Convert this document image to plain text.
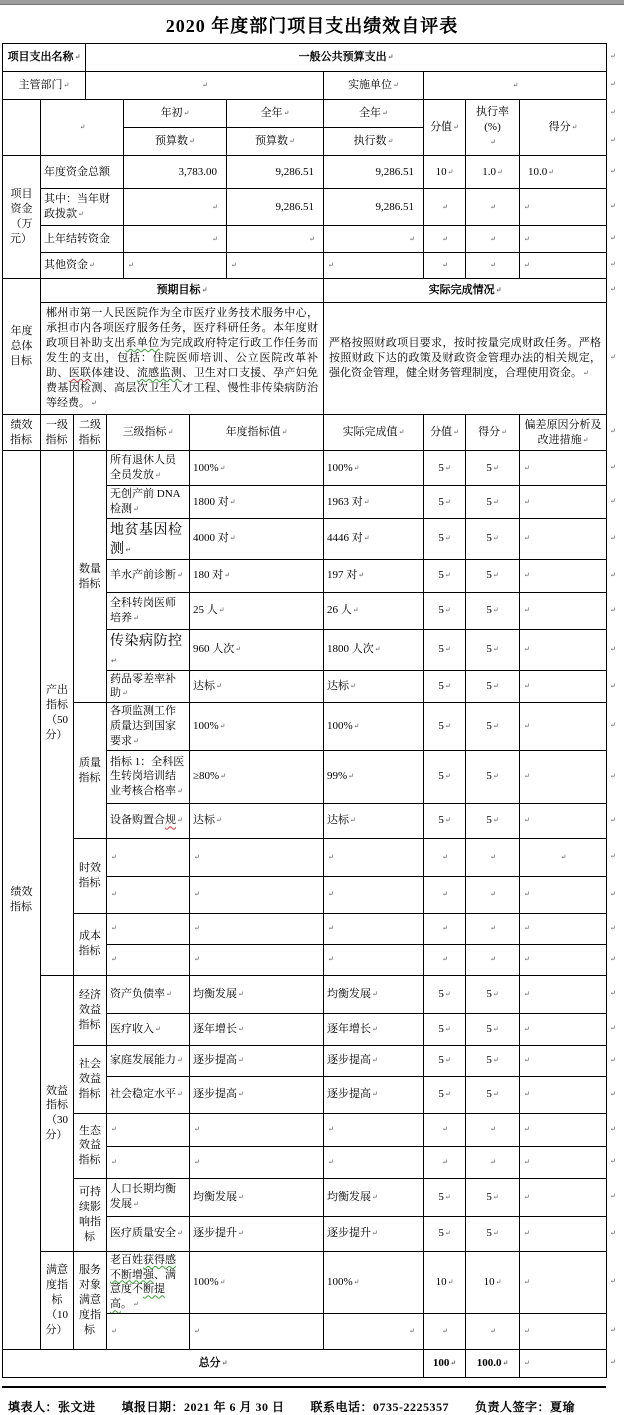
2020 年度部门项目支出绩效自评表
项目支出名称 ↵			一般公共预算支出 ↵
主管部门 ↵	↵							实施单位 ↵	↵
	↵	年初 ↵		全年 ↵	全年 ↵	分值 ↵	执行率
(%)
↵	得分 ↵
					预算数 ↵		预算数 ↵	执行数 ↵
项目资金（万元）	年度资金总额				3,783.00		9,286.51	9,286.51	10 ↵	1.0 ↵	10.0 ↵
	其中：当年财政拨款 ↵	↵					9,286.51	9,286.51	↵	↵	↵
	上年结转资金	↵	↵	↵	↵	↵	↵
	其他资金 ↵	↵	↵	↵	↵	↵	↵
年度总体目标	预期目标 ↵							实际完成情况 ↵
	郴州市第一人民医院作为全市医疗业务技术服务中心，承担市内各项医疗服务任务，医疗科研任务。本年度财政项目补助支出系单位为完成政府特定行政工作任务而发生的支出，包括：住院医师培训、公立医院改革补助、医联体建设、流感监测、卫生对口支援、孕产妇免费基因检测、高层次卫生人才工程、慢性非传染病防治等经费。 ↵							严格按照财政项目要求，按时按量完成财政任务。严格按照财政下达的政策及财政资金管理办法的相关规定，强化资金管理，健全财务管理制度，合理使用资金。 ↵
绩效指标	一级指标	二级指标		三级指标 ↵		年度指标值 ↵		实际完成值 ↵	分值 ↵	得分 ↵	偏差原因分析及改进措施 ↵
绩效指标	产出指标（50分）	数量指标		所有退休人员全员发放 ↵		100% ↵		100% ↵	5 ↵	5 ↵	↵
				无创产前 DNA 检测 ↵		1800 对 ↵		1963 对 ↵	5 ↵	5 ↵	↵
				地贫基因检测 ↵		4000 对 ↵		4446 对 ↵	5 ↵	5 ↵	↵
				羊水产前诊断 ↵		180 对 ↵		197 对 ↵	5 ↵	5 ↵	↵
				全科转岗医师培养 ↵		25 人 ↵		26 人 ↵	5 ↵	5 ↵	↵
				传染病防控 ↵		960 人次 ↵		1800 人次 ↵	5 ↵	5 ↵	↵
				药品零差率补助 ↵		达标 ↵		达标 ↵	5 ↵	5 ↵	↵
		质量指标		各项监测工作质量达到国家要求 ↵		100% ↵		100% ↵	5 ↵	5 ↵	↵
				指标 1：全科医生转岗培训结业考核合格率 ↵		≥80% ↵		99% ↵	5 ↵	5 ↵	↵
				设备购置合规 ↵		达标 ↵		达标 ↵	5 ↵	5 ↵	↵
		时效指标	↵	↵	↵	↵	↵	↵
↵	↵	↵	↵	↵	↵
		成本指标	↵	↵	↵	↵	↵	↵
↵	↵	↵	↵	↵	↵
	效益指标（30分）	经济效益指标		资产负债率 ↵		均衡发展 ↵		均衡发展 ↵	5 ↵	5 ↵	↵
				医疗收入 ↵		逐年增长 ↵		逐年增长 ↵	5 ↵	5 ↵	↵
		社会效益指标		家庭发展能力 ↵		逐步提高 ↵		逐步提高 ↵	5 ↵	5 ↵	↵
				社会稳定水平 ↵		逐步提高 ↵		逐步提高 ↵	5 ↵	5 ↵	↵
		生态效益指标	↵	↵	↵	↵	↵	↵
↵	↵	↵	↵	↵	↵
		可持续影响指标		人口长期均衡发展 ↵		均衡发展 ↵		均衡发展 ↵	5 ↵	5 ↵	↵
				医疗质量安全 ↵		逐步提升 ↵		逐步提升 ↵	5 ↵	5 ↵	↵
	满意度指标（10分）	服务对象满意度指标		老百姓获得感不断增强、满意度不断提高。 ↵		100% ↵		100% ↵	10 ↵	10 ↵	↵
↵	↵	↵	↵	↵	↵
总分 ↵									100 ↵	100.0 ↵	↵
填表人：张文进 填报日期：2021 年 6 月 30 日 联系电话：0735-2225357 负责人签字：夏瑜
↵
↵
↵
↵
↵
↵
↵
↵
↵
↵
↵
↵
↵
↵
↵
↵
↵
↵
↵
↵
↵
↵
↵
↵
↵
↵
↵
↵
↵
↵
↵
↵
↵
↵
↵
↵
